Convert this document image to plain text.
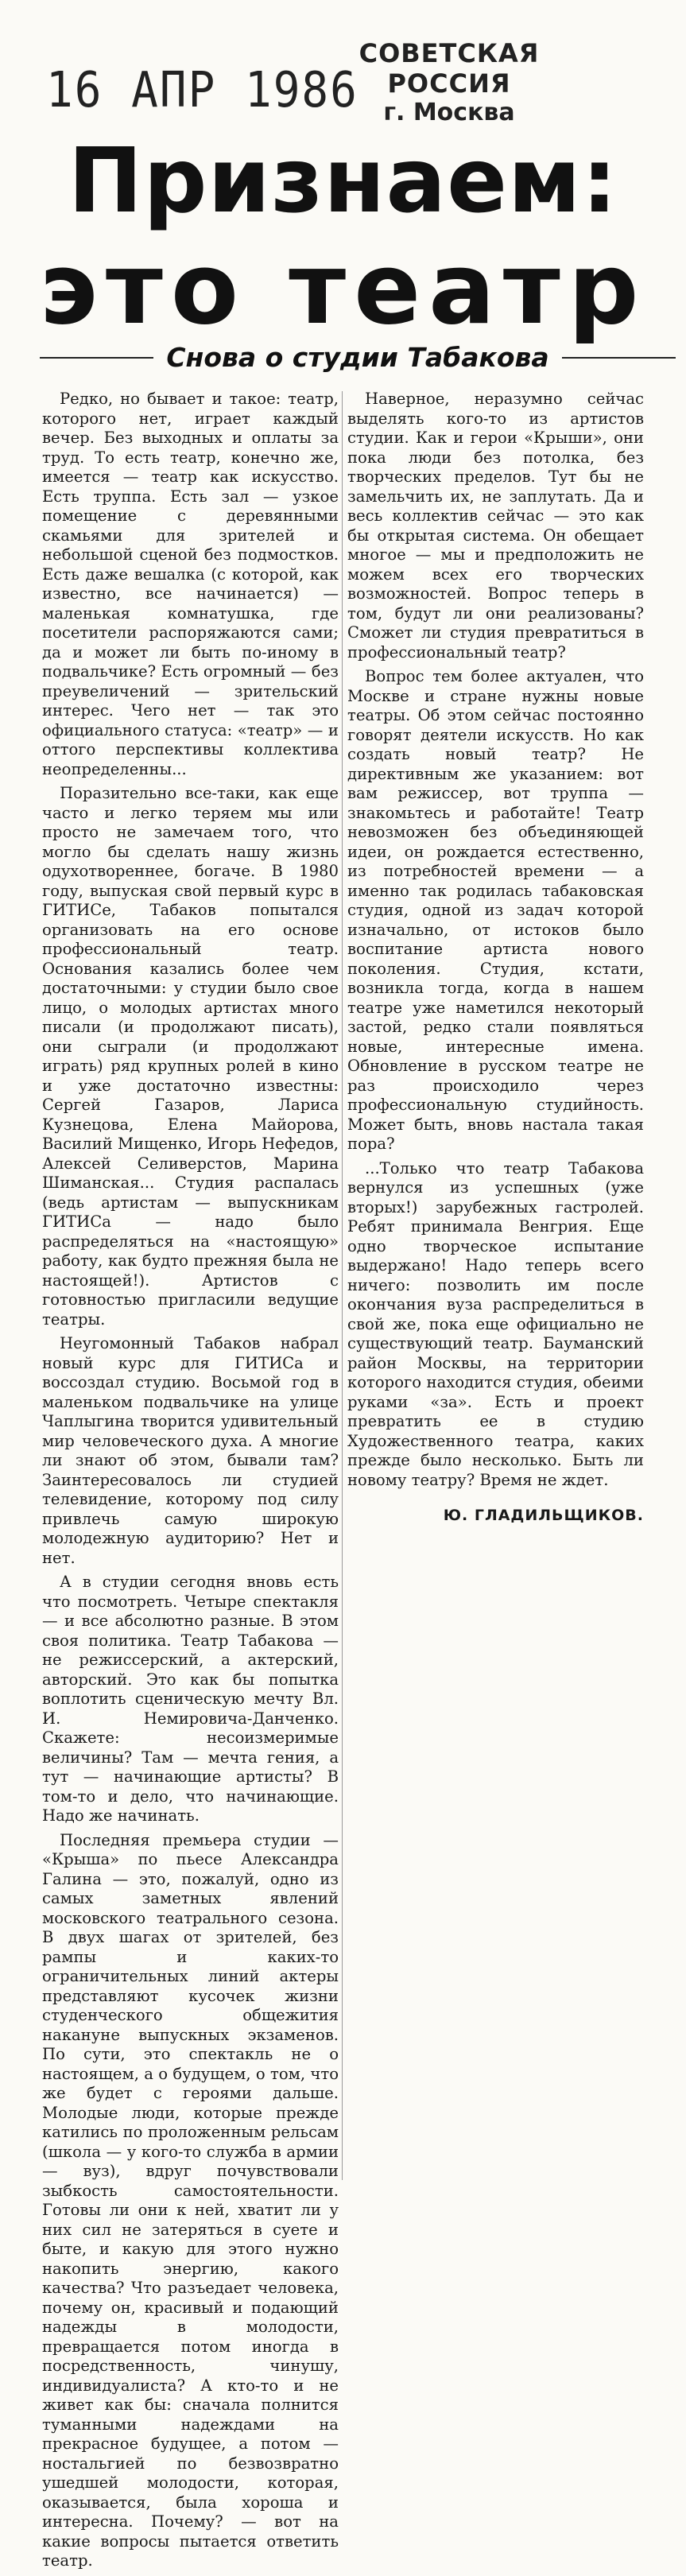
16 АПР 1986
СОВЕТСКАЯ РОССИЯ
г. Москва
Признаем:
это театр
Снова о студии Табакова

Редко, но бывает и такое: театр, которого нет, играет каждый вечер. Без выходных и оплаты за труд. То есть театр, конечно же, имеется — театр как искусство. Есть труппа. Есть зал — узкое помещение с деревянными скамьями для зрителей и небольшой сценой без подмостков. Есть даже вешалка (с которой, как известно, все начинается) — маленькая комнатушка, где посетители распоряжаются сами; да и может ли быть по-иному в подвальчике? Есть огромный — без преувеличений — зрительский интерес. Чего нет — так это официального статуса: «театр» — и оттого перспективы коллектива неопределенны...

Поразительно все-таки, как еще часто и легко теряем мы или просто не замечаем того, что могло бы сделать нашу жизнь одухотвореннее, богаче. В 1980 году, выпуская свой первый курс в ГИТИСе, Табаков попытался организовать на его основе профессиональный театр. Основания казались более чем достаточными: у студии было свое лицо, о молодых артистах много писали (и продолжают писать), они сыграли (и продолжают играть) ряд крупных ролей в кино и уже достаточно известны: Сергей Газаров, Лариса Кузнецова, Елена Майорова, Василий Мищенко, Игорь Нефедов, Алексей Селиверстов, Марина Шиманская... Студия распалась (ведь артистам — выпускникам ГИТИСа — надо было распределяться на «настоящую» работу, как будто прежняя была не настоящей!). Артистов с готовностью пригласили ведущие театры.

Неугомонный Табаков набрал новый курс для ГИТИСа и воссоздал студию. Восьмой год в маленьком подвальчике на улице Чаплыгина творится удивительный мир человеческого духа. А многие ли знают об этом, бывали там? Заинтересовалось ли студией телевидение, которому под силу привлечь самую широкую молодежную аудиторию? Нет и нет.

А в студии сегодня вновь есть что посмотреть. Четыре спектакля — и все абсолютно разные. В этом своя политика. Театр Табакова — не режиссерский, а актерский, авторский. Это как бы попытка воплотить сценическую мечту Вл. И. Немировича-Данченко. Скажете: несоизмеримые величины? Там — мечта гения, а тут — начинающие артисты? В том-то и дело, что начинающие. Надо же начинать.

Последняя премьера студии — «Крыша» по пьесе Александра Галина — это, пожалуй, одно из самых заметных явлений московского театрального сезона. В двух шагах от зрителей, без рампы и каких-то ограничительных линий актеры представляют кусочек жизни студенческого общежития накануне выпускных экзаменов. По сути, это спектакль не о настоящем, а о будущем, о том, что же будет с героями дальше. Молодые люди, которые прежде катились по проложенным рельсам (школа — у кого-то служба в армии — вуз), вдруг почувствовали зыбкость самостоятельности. Готовы ли они к ней, хватит ли у них сил не затеряться в суете и быте, и какую для этого нужно накопить энергию, какого качества? Что разъедает человека, почему он, красивый и подающий надежды в молодости, превращается потом иногда в посредственность, чинушу, индивидуалиста? А кто-то и не живет как бы: сначала полнится туманными надеждами на прекрасное будущее, а потом — ностальгией по безвозвратно ушедшей молодости, которая, оказывается, была хороша и интересна. Почему? — вот на какие вопросы пытается ответить театр.

Наверное, неразумно сейчас выделять кого-то из артистов студии. Как и герои «Крыши», они пока люди без потолка, без творческих пределов. Тут бы не замельчить их, не заплутать. Да и весь коллектив сейчас — это как бы открытая система. Он обещает многое — мы и предположить не можем всех его творческих возможностей. Вопрос теперь в том, будут ли они реализованы? Сможет ли студия превратиться в профессиональный театр?

Вопрос тем более актуален, что Москве и стране нужны новые театры. Об этом сейчас постоянно говорят деятели искусств. Но как создать новый театр? Не директивным же указанием: вот вам режиссер, вот труппа — знакомьтесь и работайте! Театр невозможен без объединяющей идеи, он рождается естественно, из потребностей времени — а именно так родилась табаковская студия, одной из задач которой изначально, от истоков было воспитание артиста нового поколения. Студия, кстати, возникла тогда, когда в нашем театре уже наметился некоторый застой, редко стали появляться новые, интересные имена. Обновление в русском театре не раз происходило через профессиональную студийность. Может быть, вновь настала такая пора?

...Только что театр Табакова вернулся из успешных (уже вторых!) зарубежных гастролей. Ребят принимала Венгрия. Еще одно творческое испытание выдержано! Надо теперь всего ничего: позволить им после окончания вуза распределиться в свой же, пока еще официально не существующий театр. Бауманский район Москвы, на территории которого находится студия, обеими руками «за». Есть и проект превратить ее в студию Художественного театра, каких прежде было несколько. Быть ли новому театру? Время не ждет.

Ю. ГЛАДИЛЬЩИКОВ.
